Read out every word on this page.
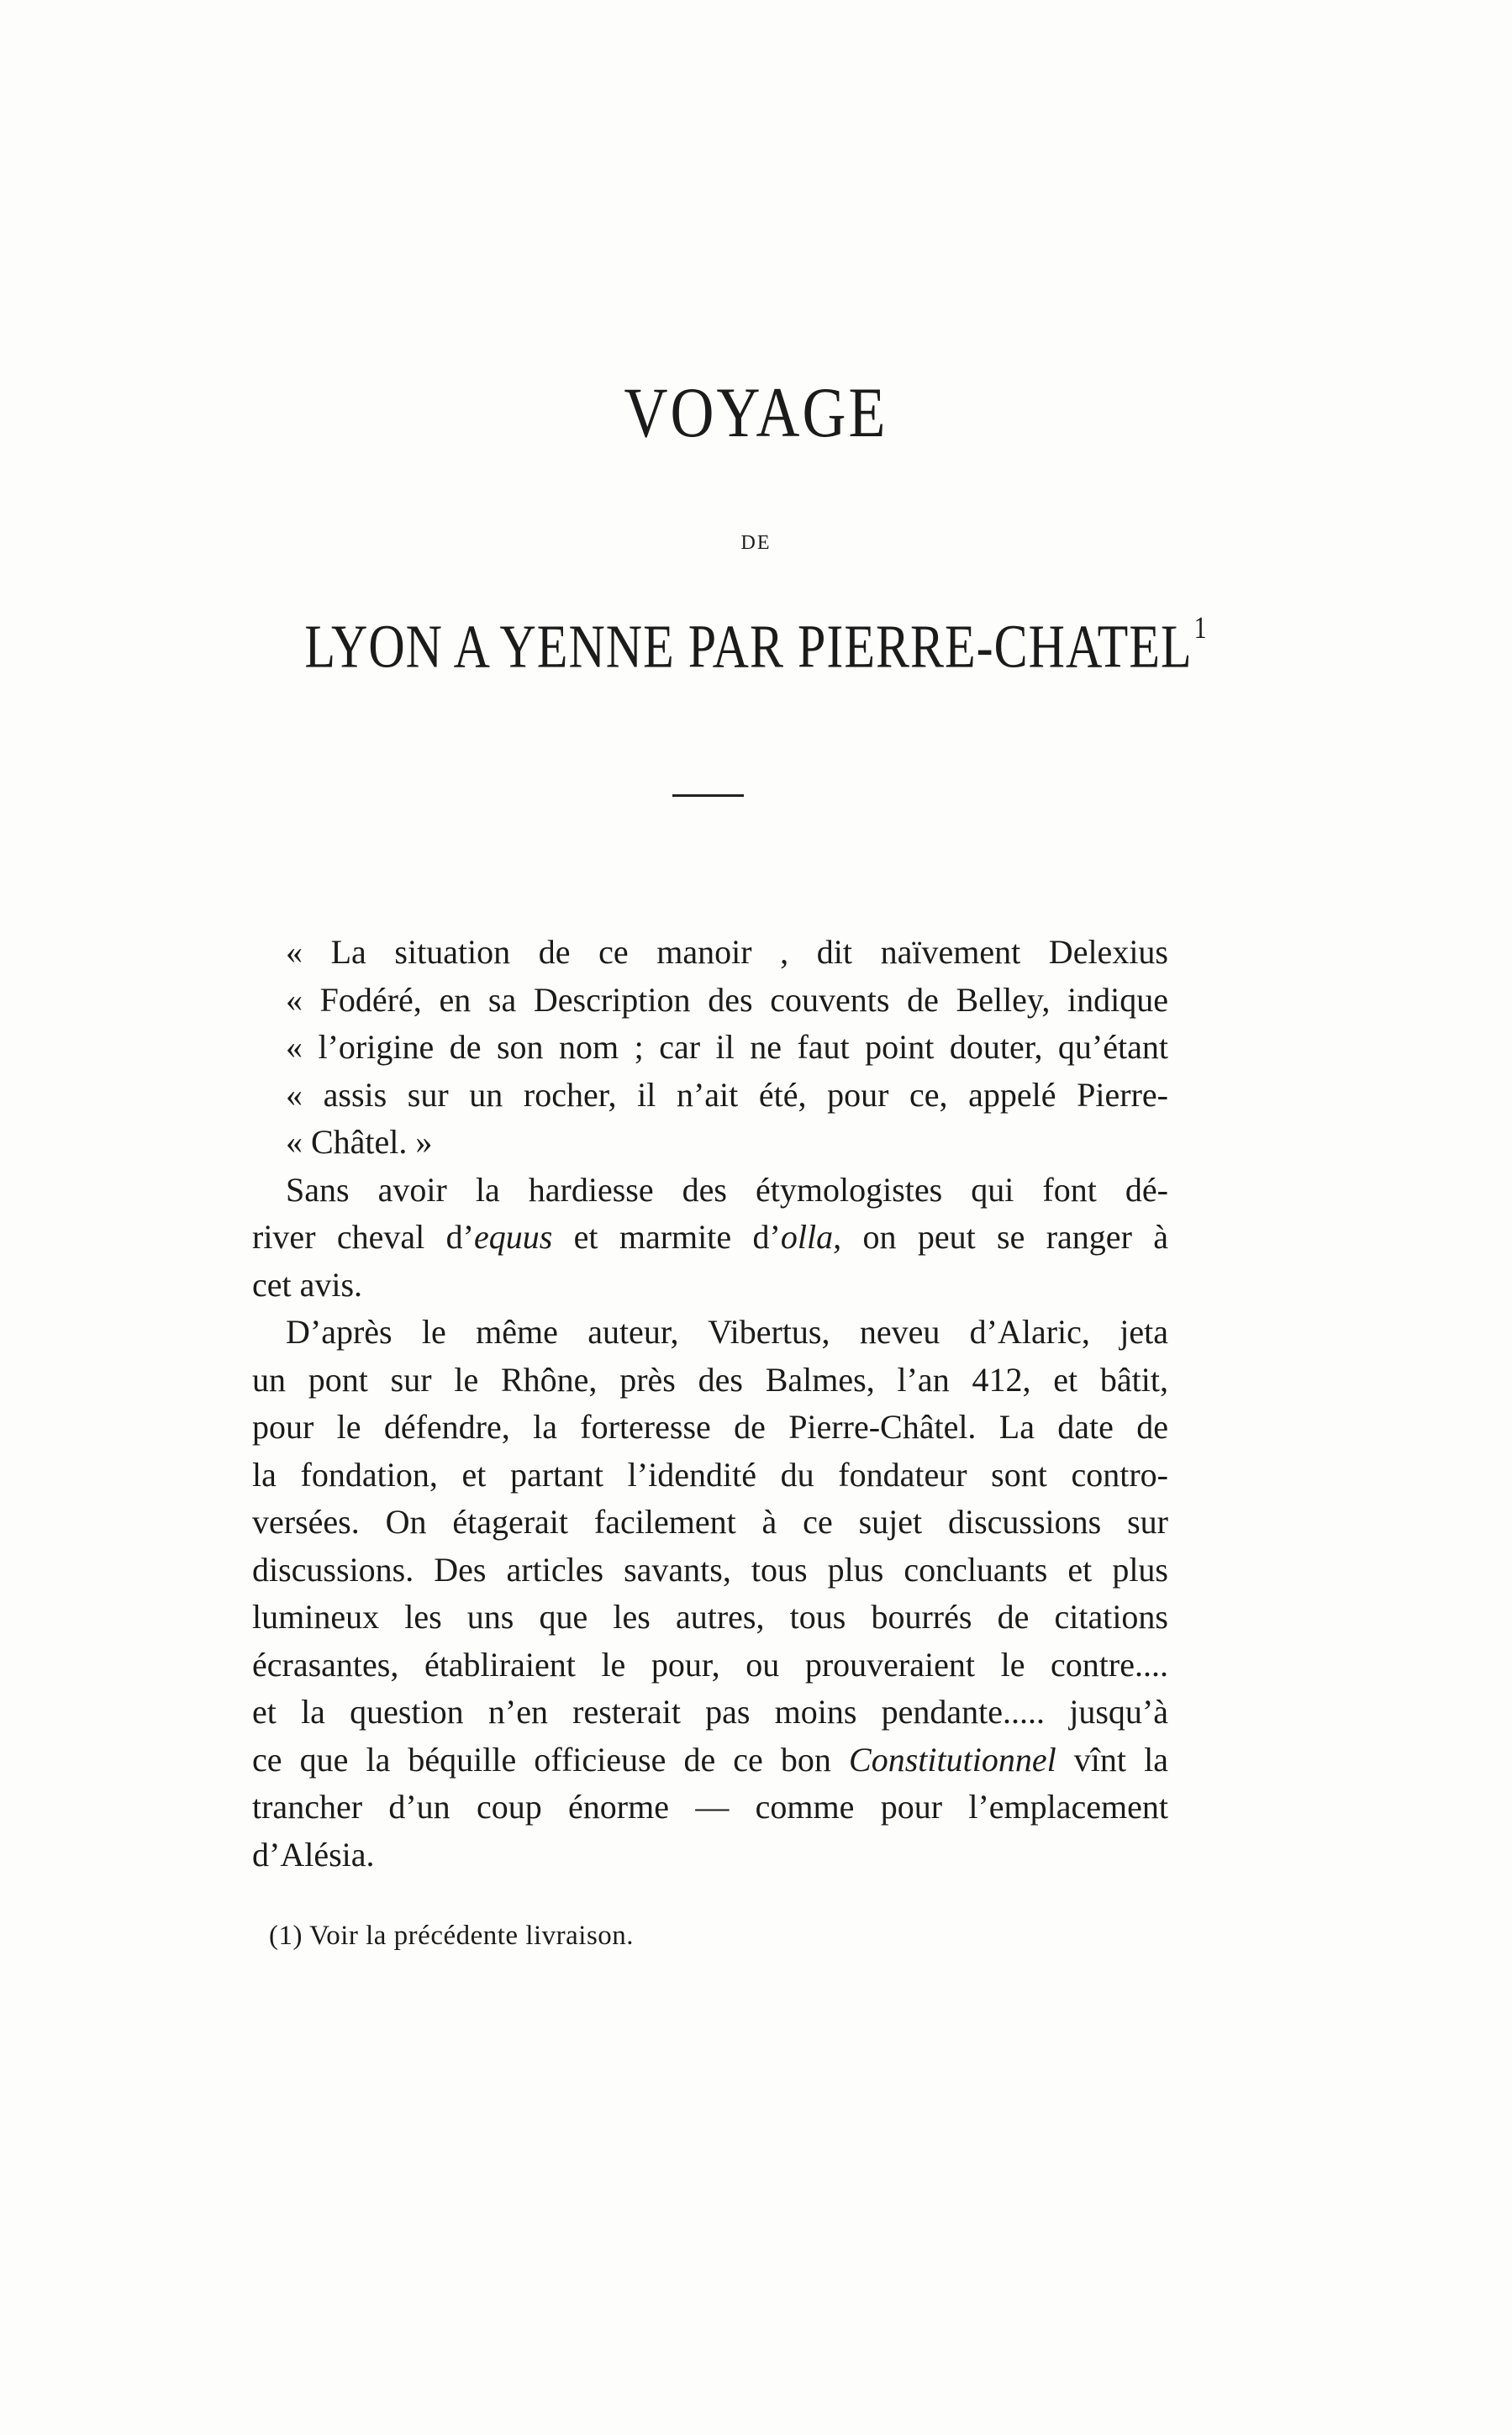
VOYAGE
DE
LYON A YENNE PAR PIERRE-CHATEL$^1$
« La situation de ce manoir , dit naïvement Delexius
« Fodéré, en sa Description des couvents de Belley, indique
« l’origine de son nom ; car il ne faut point douter, qu’étant
« assis sur un rocher, il n’ait été, pour ce, appelé Pierre-
« Châtel. »
Sans avoir la hardiesse des étymologistes qui font dé-
river cheval d’equus et marmite d’olla, on peut se ranger à
cet avis.
D’après le même auteur, Vibertus, neveu d’Alaric, jeta
un pont sur le Rhône, près des Balmes, l’an 412, et bâtit,
pour le défendre, la forteresse de Pierre-Châtel. La date de
la fondation, et partant l’idendité du fondateur sont contro-
versées. On étagerait facilement à ce sujet discussions sur
discussions. Des articles savants, tous plus concluants et plus
lumineux les uns que les autres, tous bourrés de citations
écrasantes, établiraient le pour, ou prouveraient le contre....
et la question n’en resterait pas moins pendante..... jusqu’à
ce que la béquille officieuse de ce bon Constitutionnel vînt la
trancher d’un coup énorme — comme pour l’emplacement
d’Alésia.
(1) Voir la précédente livraison.
